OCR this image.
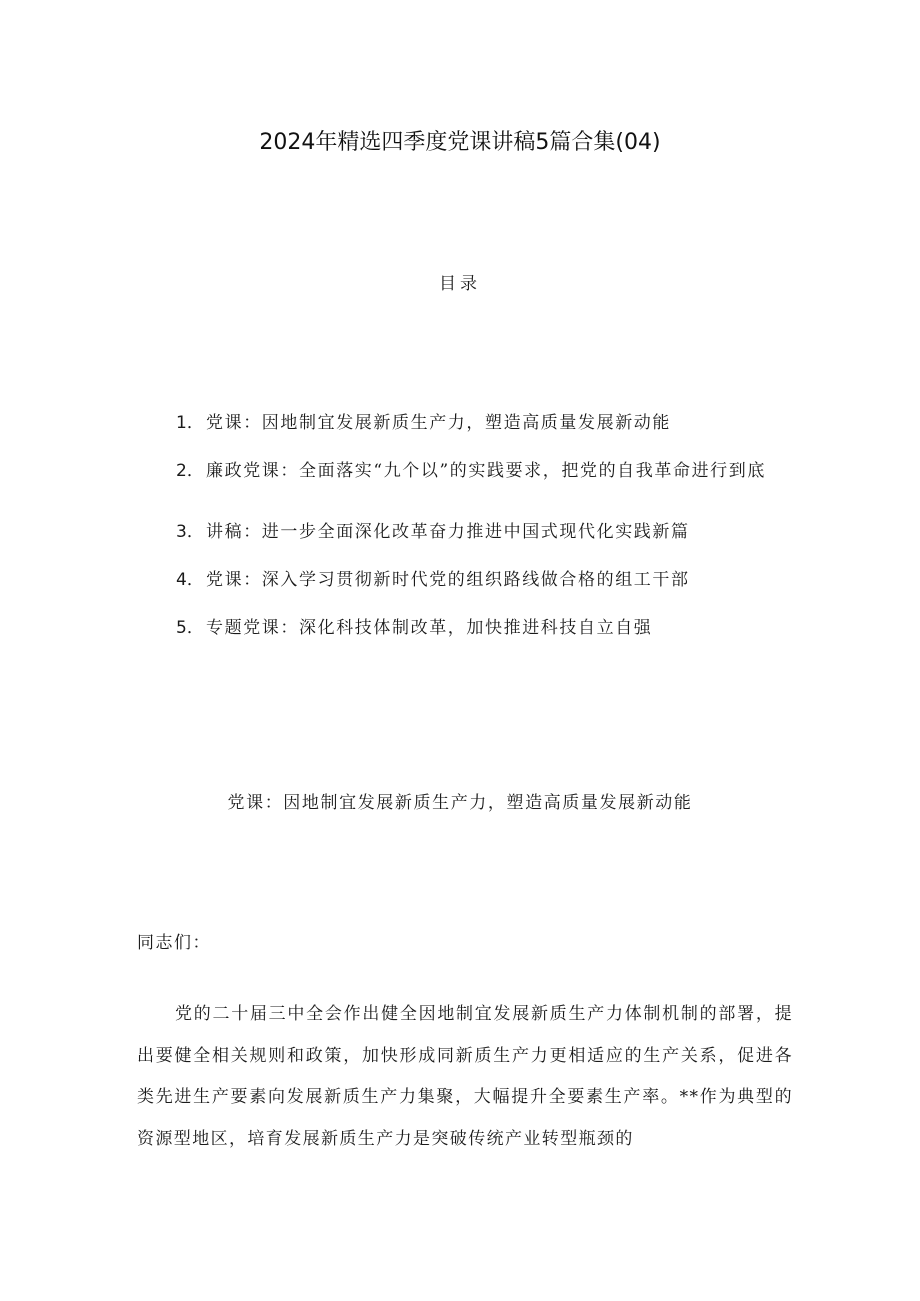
2024年精选四季度党课讲稿5篇合集(04)
目录
1． 党课：因地制宜发展新质生产力，塑造高质量发展新动能
2． 廉政党课：全面落实“九个以”的实践要求，把党的自我革命进行到底
3． 讲稿：进一步全面深化改革奋力推进中国式现代化实践新篇
4． 党课：深入学习贯彻新时代党的组织路线做合格的组工干部
5． 专题党课：深化科技体制改革，加快推进科技自立自强
党课：因地制宜发展新质生产力，塑造高质量发展新动能
同志们：

党的二十届三中全会作出健全因地制宜发展新质生产力体制机制的部署，提出要健全相关规则和政策，加快形成同新质生产力更相适应的生产关系，促进各类先进生产要素向发展新质生产力集聚，大幅提升全要素生产率。**作为典型的资源型地区，培育发展新质生产力是突破传统产业转型瓶颈的
